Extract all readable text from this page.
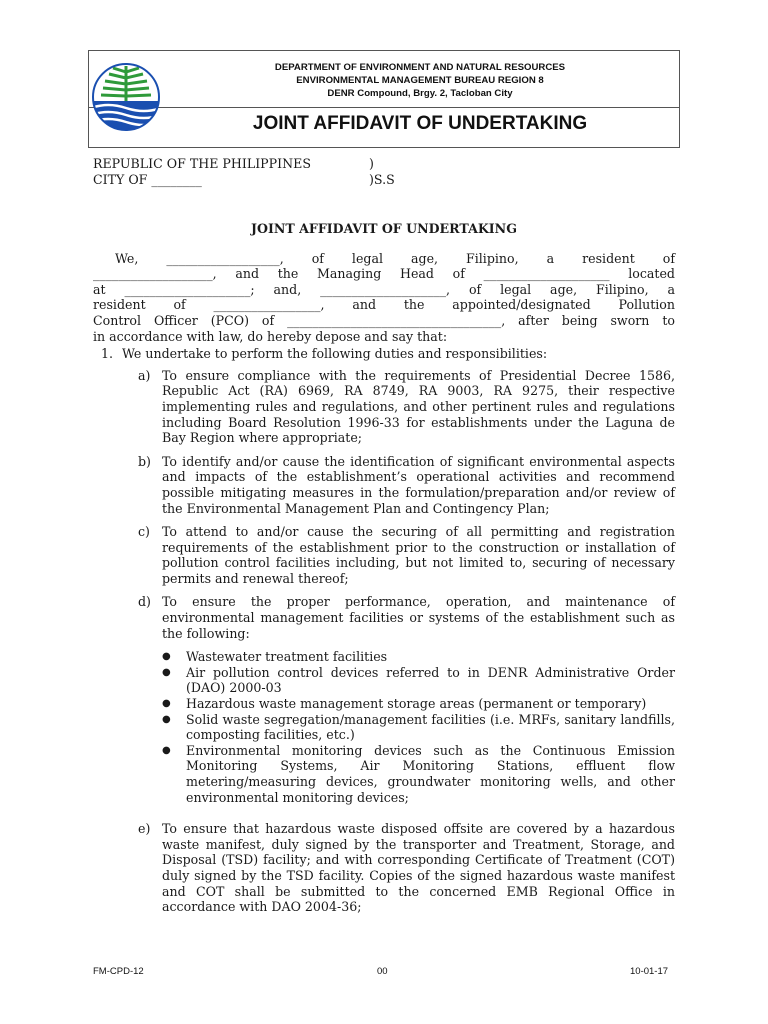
DEPARTMENT OF ENVIRONMENT AND NATURAL RESOURCES
ENVIRONMENTAL MANAGEMENT BUREAU REGION 8
DENR Compound, Brgy. 2, Tacloban City
JOINT AFFIDAVIT OF UNDERTAKING
REPUBLIC OF THE PHILIPPINES	)
CITY OF ________	)S.S
JOINT AFFIDAVIT OF UNDERTAKING
We, __________________, of legal age, Filipino, a resident of
___________________, and the Managing Head of ____________________ located
at ____________________; and, ____________________, of legal age, Filipino, a
resident of _________________, and the appointed/designated Pollution
Control Officer (PCO) of __________________________________, after being sworn to
in accordance with law, do hereby depose and say that:
1. We undertake to perform the following duties and responsibilities:
a) To ensure compliance with the requirements of Presidential Decree 1586, Republic Act (RA) 6969, RA 8749, RA 9003, RA 9275, their respective implementing rules and regulations, and other pertinent rules and regulations including Board Resolution 1996-33 for establishments under the Laguna de Bay Region where appropriate;
b) To identify and/or cause the identification of significant environmental aspects and impacts of the establishment’s operational activities and recommend possible mitigating measures in the formulation/preparation and/or review of the Environmental Management Plan and Contingency Plan;
c) To attend to and/or cause the securing of all permitting and registration requirements of the establishment prior to the construction or installation of pollution control facilities including, but not limited to, securing of necessary permits and renewal thereof;
d) To ensure the proper performance, operation, and maintenance of environmental management facilities or systems of the establishment such as the following:
●	Wastewater treatment facilities
●	Air pollution control devices referred to in DENR Administrative Order (DAO) 2000-03
●	Hazardous waste management storage areas (permanent or temporary)
●	Solid waste segregation/management facilities (i.e. MRFs, sanitary landfills, composting facilities, etc.)
●	Environmental monitoring devices such as the Continuous Emission Monitoring Systems, Air Monitoring Stations, effluent flow metering/measuring devices, groundwater monitoring wells, and other environmental monitoring devices;
e) To ensure that hazardous waste disposed offsite are covered by a hazardous waste manifest, duly signed by the transporter and Treatment, Storage, and Disposal (TSD) facility; and with corresponding Certificate of Treatment (COT) duly signed by the TSD facility. Copies of the signed hazardous waste manifest and COT shall be submitted to the concerned EMB Regional Office in accordance with DAO 2004-36;
FM-CPD-12	00	10-01-17
